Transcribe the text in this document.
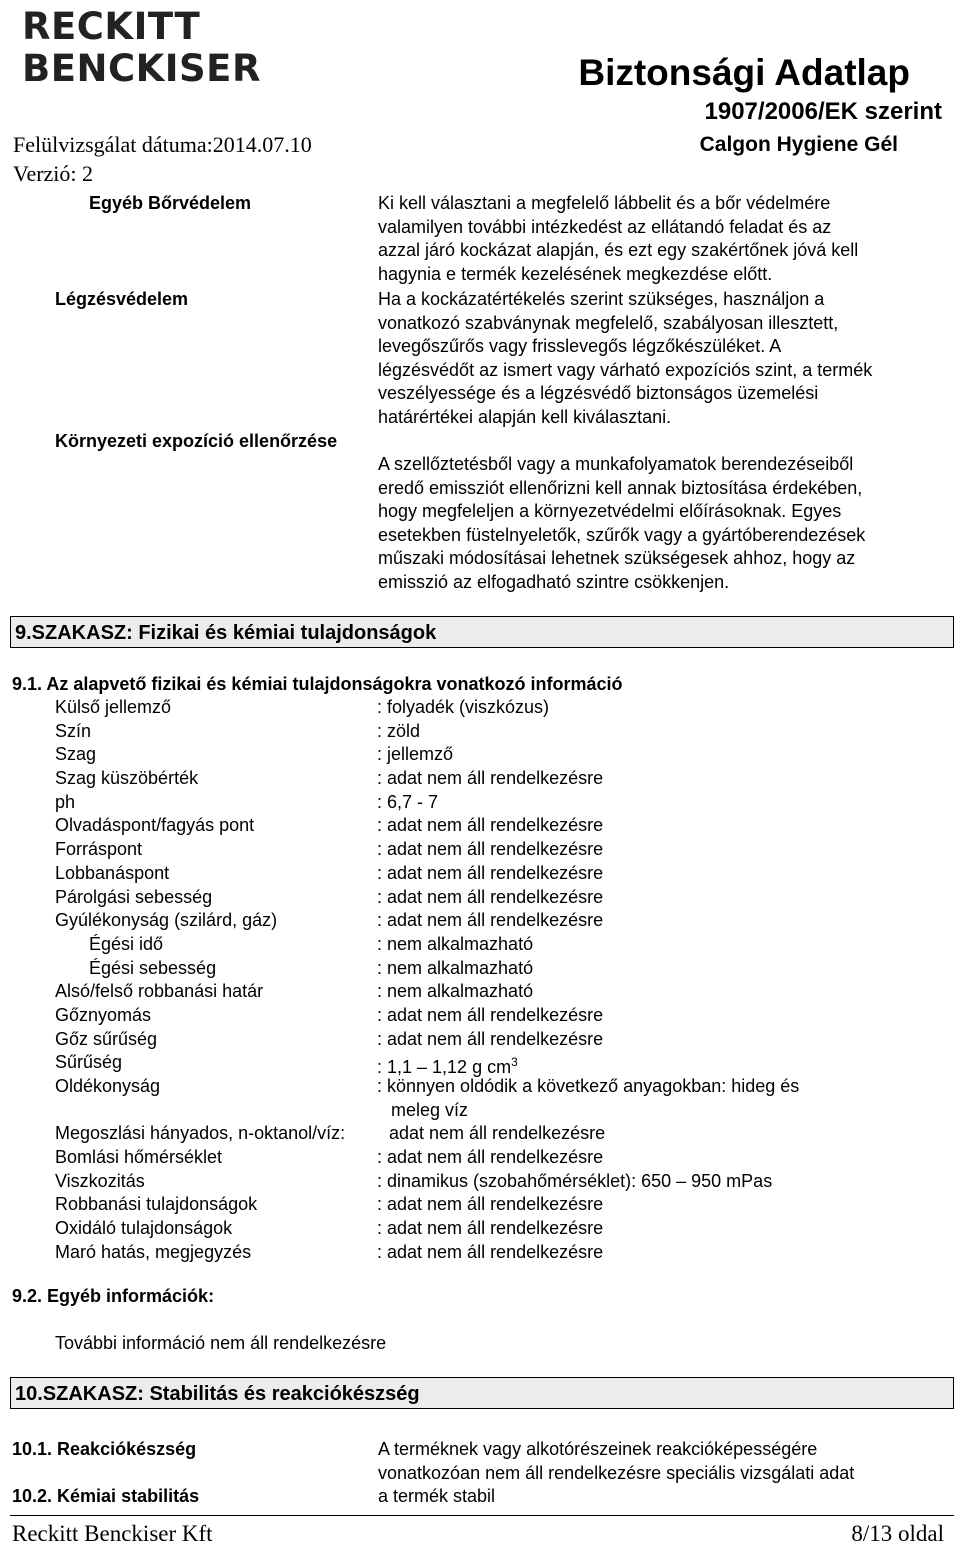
RECKITT
BENCKISER	Biztonsági Adatlap
1907/2006/EK szerint
Calgon Hygiene Gél
Felülvizsgálat dátuma:2014.07.10
Verzió: 2
Egyéb Bőrvédelem	Ki kell választani a megfelelő lábbelit és a bőr védelmére
valamilyen további intézkedést az ellátandó feladat és az
azzal járó kockázat alapján, és ezt egy szakértőnek jóvá kell
hagynia e termék kezelésének megkezdése előtt.
Légzésvédelem	Ha a kockázatértékelés szerint szükséges, használjon a
vonatkozó szabványnak megfelelő, szabályosan illesztett,
levegőszűrős vagy frisslevegős légzőkészüléket. A
légzésvédőt az ismert vagy várható expozíciós szint, a termék
veszélyessége és a légzésvédő biztonságos üzemelési
határértékei alapján kell kiválasztani.
Környezeti expozíció ellenőrzése
A szellőztetésből vagy a munkafolyamatok berendezéseiből
eredő emissziót ellenőrizni kell annak biztosítása érdekében,
hogy megfeleljen a környezetvédelmi előírásoknak. Egyes
esetekben füstelnyeletők, szűrők vagy a gyártóberendezések
műszaki módosításai lehetnek szükségesek ahhoz, hogy az
emisszió az elfogadható szintre csökkenjen.
9.SZAKASZ: Fizikai és kémiai tulajdonságok
9.1. Az alapvető fizikai és kémiai tulajdonságokra vonatkozó információ
Külső jellemző	: folyadék (viszkózus)
Szín	: zöld
Szag	: jellemző
Szag küszöbérték	: adat nem áll rendelkezésre
ph	: 6,7 - 7
Olvadáspont/fagyás pont	: adat nem áll rendelkezésre
Forráspont	: adat nem áll rendelkezésre
Lobbanáspont	: adat nem áll rendelkezésre
Párolgási sebesség	: adat nem áll rendelkezésre
Gyúlékonyság (szilárd, gáz)	: adat nem áll rendelkezésre
Égési idő	: nem alkalmazható
Égési sebesség	: nem alkalmazható
Alsó/felső robbanási határ	: nem alkalmazható
Gőznyomás	: adat nem áll rendelkezésre
Gőz sűrűség	: adat nem áll rendelkezésre
Sűrűség	: 1,1 – 1,12 g $cm^3$
Oldékonyság	: könnyen oldódik a következő anyagokban: hideg és
meleg víz
Megoszlási hányados, n-oktanol/víz: adat nem áll rendelkezésre
Bomlási hőmérséklet	: adat nem áll rendelkezésre
Viszkozitás	: dinamikus (szobahőmérséklet): 650 – 950 mPas
Robbanási tulajdonságok	: adat nem áll rendelkezésre
Oxidáló tulajdonságok	: adat nem áll rendelkezésre
Maró hatás, megjegyzés	: adat nem áll rendelkezésre
9.2. Egyéb információk:
További információ nem áll rendelkezésre
10.SZAKASZ: Stabilitás és reakciókészség
10.1. Reakciókészség	A terméknek vagy alkotórészeinek reakcióképességére
vonatkozóan nem áll rendelkezésre speciális vizsgálati adat
10.2. Kémiai stabilitás	a termék stabil
Reckitt Benckiser Kft	8/13 oldal
